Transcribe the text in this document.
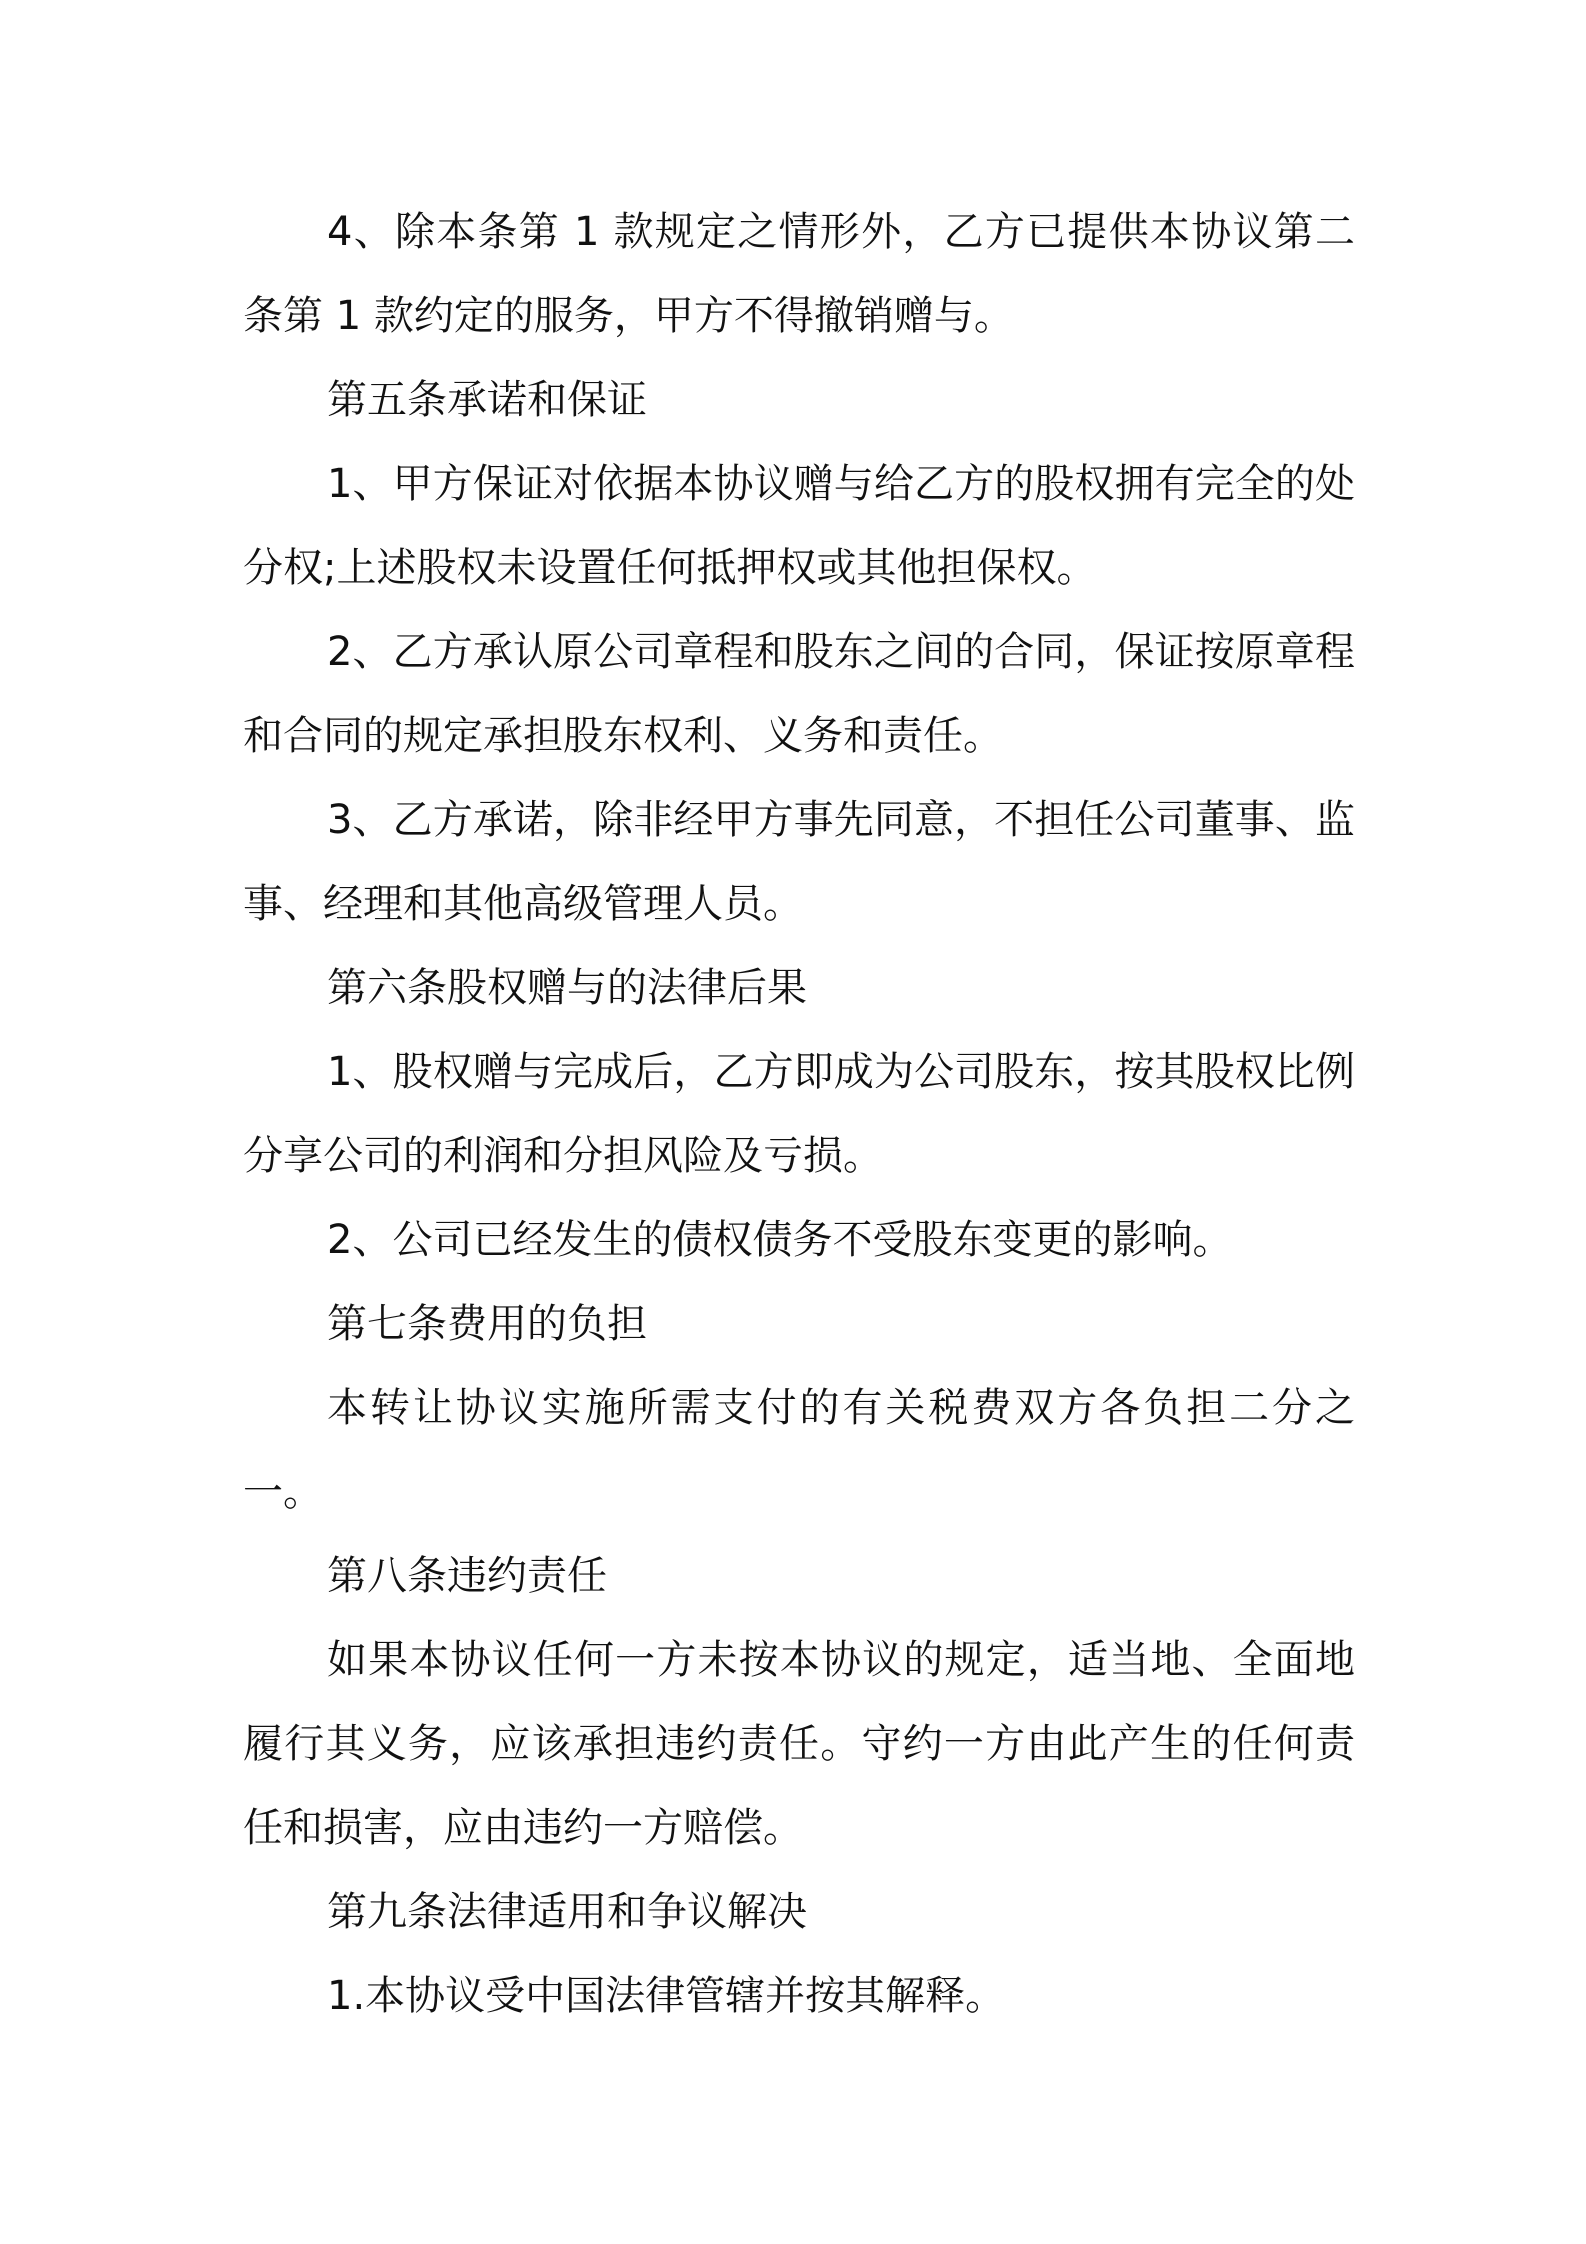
4、除本条第 1 款规定之情形外，乙方已提供本协议第二条第 1 款约定的服务，甲方不得撤销赠与。

第五条承诺和保证

1、甲方保证对依据本协议赠与给乙方的股权拥有完全的处分权;上述股权未设置任何抵押权或其他担保权。

2、乙方承认原公司章程和股东之间的合同，保证按原章程和合同的规定承担股东权利、义务和责任。

3、乙方承诺，除非经甲方事先同意，不担任公司董事、监事、经理和其他高级管理人员。

第六条股权赠与的法律后果

1、股权赠与完成后，乙方即成为公司股东，按其股权比例分享公司的利润和分担风险及亏损。

2、公司已经发生的债权债务不受股东变更的影响。

第七条费用的负担

本转让协议实施所需支付的有关税费双方各负担二分之一。

第八条违约责任

如果本协议任何一方未按本协议的规定，适当地、全面地履行其义务，应该承担违约责任。守约一方由此产生的任何责任和损害，应由违约一方赔偿。

第九条法律适用和争议解决

1.本协议受中国法律管辖并按其解释。
